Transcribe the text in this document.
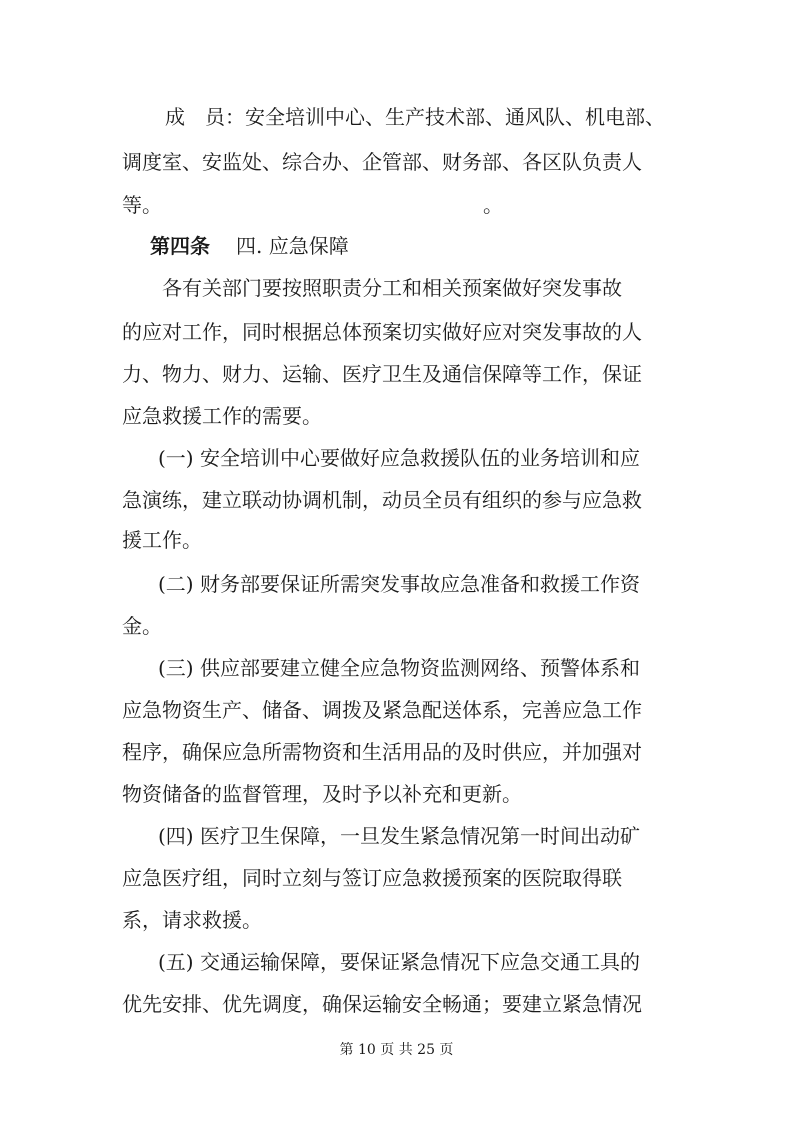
成　员：

安全培训中心、生产技术部、通风队、机电部、

调度室、安监处、综合办、企管部、财务部、各区队负责人

等。

	。

第四条

四. 应急保障

各有关部门要按照职责分工和相关预案做好突发事故

的应对工作，同时根据总体预案切实做好应对突发事故的人

力、物力、财力、运输、医疗卫生及通信保障等工作，保证

应急救援工作的需要。

(一) 安全培训中心要做好应急救援队伍的业务培训和应

急演练，建立联动协调机制，动员全员有组织的参与应急救

援工作。

(二) 财务部要保证所需突发事故应急准备和救援工作资

金。

(三) 供应部要建立健全应急物资监测网络、预警体系和

应急物资生产、储备、调拨及紧急配送体系，完善应急工作

程序，确保应急所需物资和生活用品的及时供应，并加强对

物资储备的监督管理，及时予以补充和更新。

(四) 医疗卫生保障，一旦发生紧急情况第一时间出动矿

应急医疗组，同时立刻与签订应急救援预案的医院取得联

系，请求救援。

(五) 交通运输保障，要保证紧急情况下应急交通工具的

优先安排、优先调度，确保运输安全畅通；要建立紧急情况

第 10 页 共 25 页
